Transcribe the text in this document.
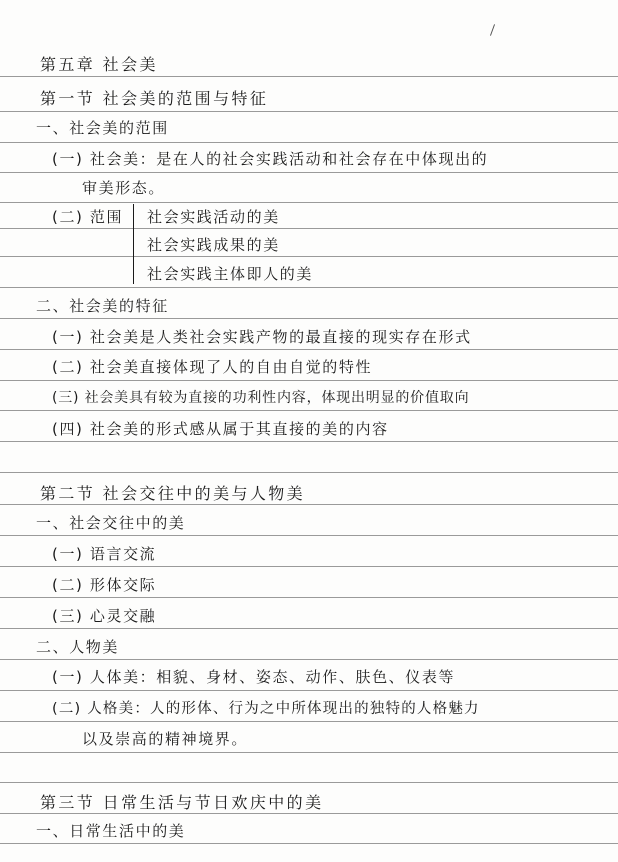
第五章 社会美
第一节 社会美的范围与特征
一、社会美的范围
(一) 社会美：是在人的社会实践活动和社会存在中体现出的
审美形态。
(二) 范围 社会实践活动的美
社会实践成果的美
社会实践主体即人的美
二、社会美的特征
(一) 社会美是人类社会实践产物的最直接的现实存在形式
(二) 社会美直接体现了人的自由自觉的特性
(三) 社会美具有较为直接的功利性内容，体现出明显的价值取向
(四) 社会美的形式感从属于其直接的美的内容
第二节 社会交往中的美与人物美
一、社会交往中的美
(一) 语言交流
(二) 形体交际
(三) 心灵交融
二、人物美
(一) 人体美：相貌、身材、姿态、动作、肤色、仪表等
(二) 人格美：人的形体、行为之中所体现出的独特的人格魅力
以及崇高的精神境界。
第三节 日常生活与节日欢庆中的美
一、日常生活中的美
